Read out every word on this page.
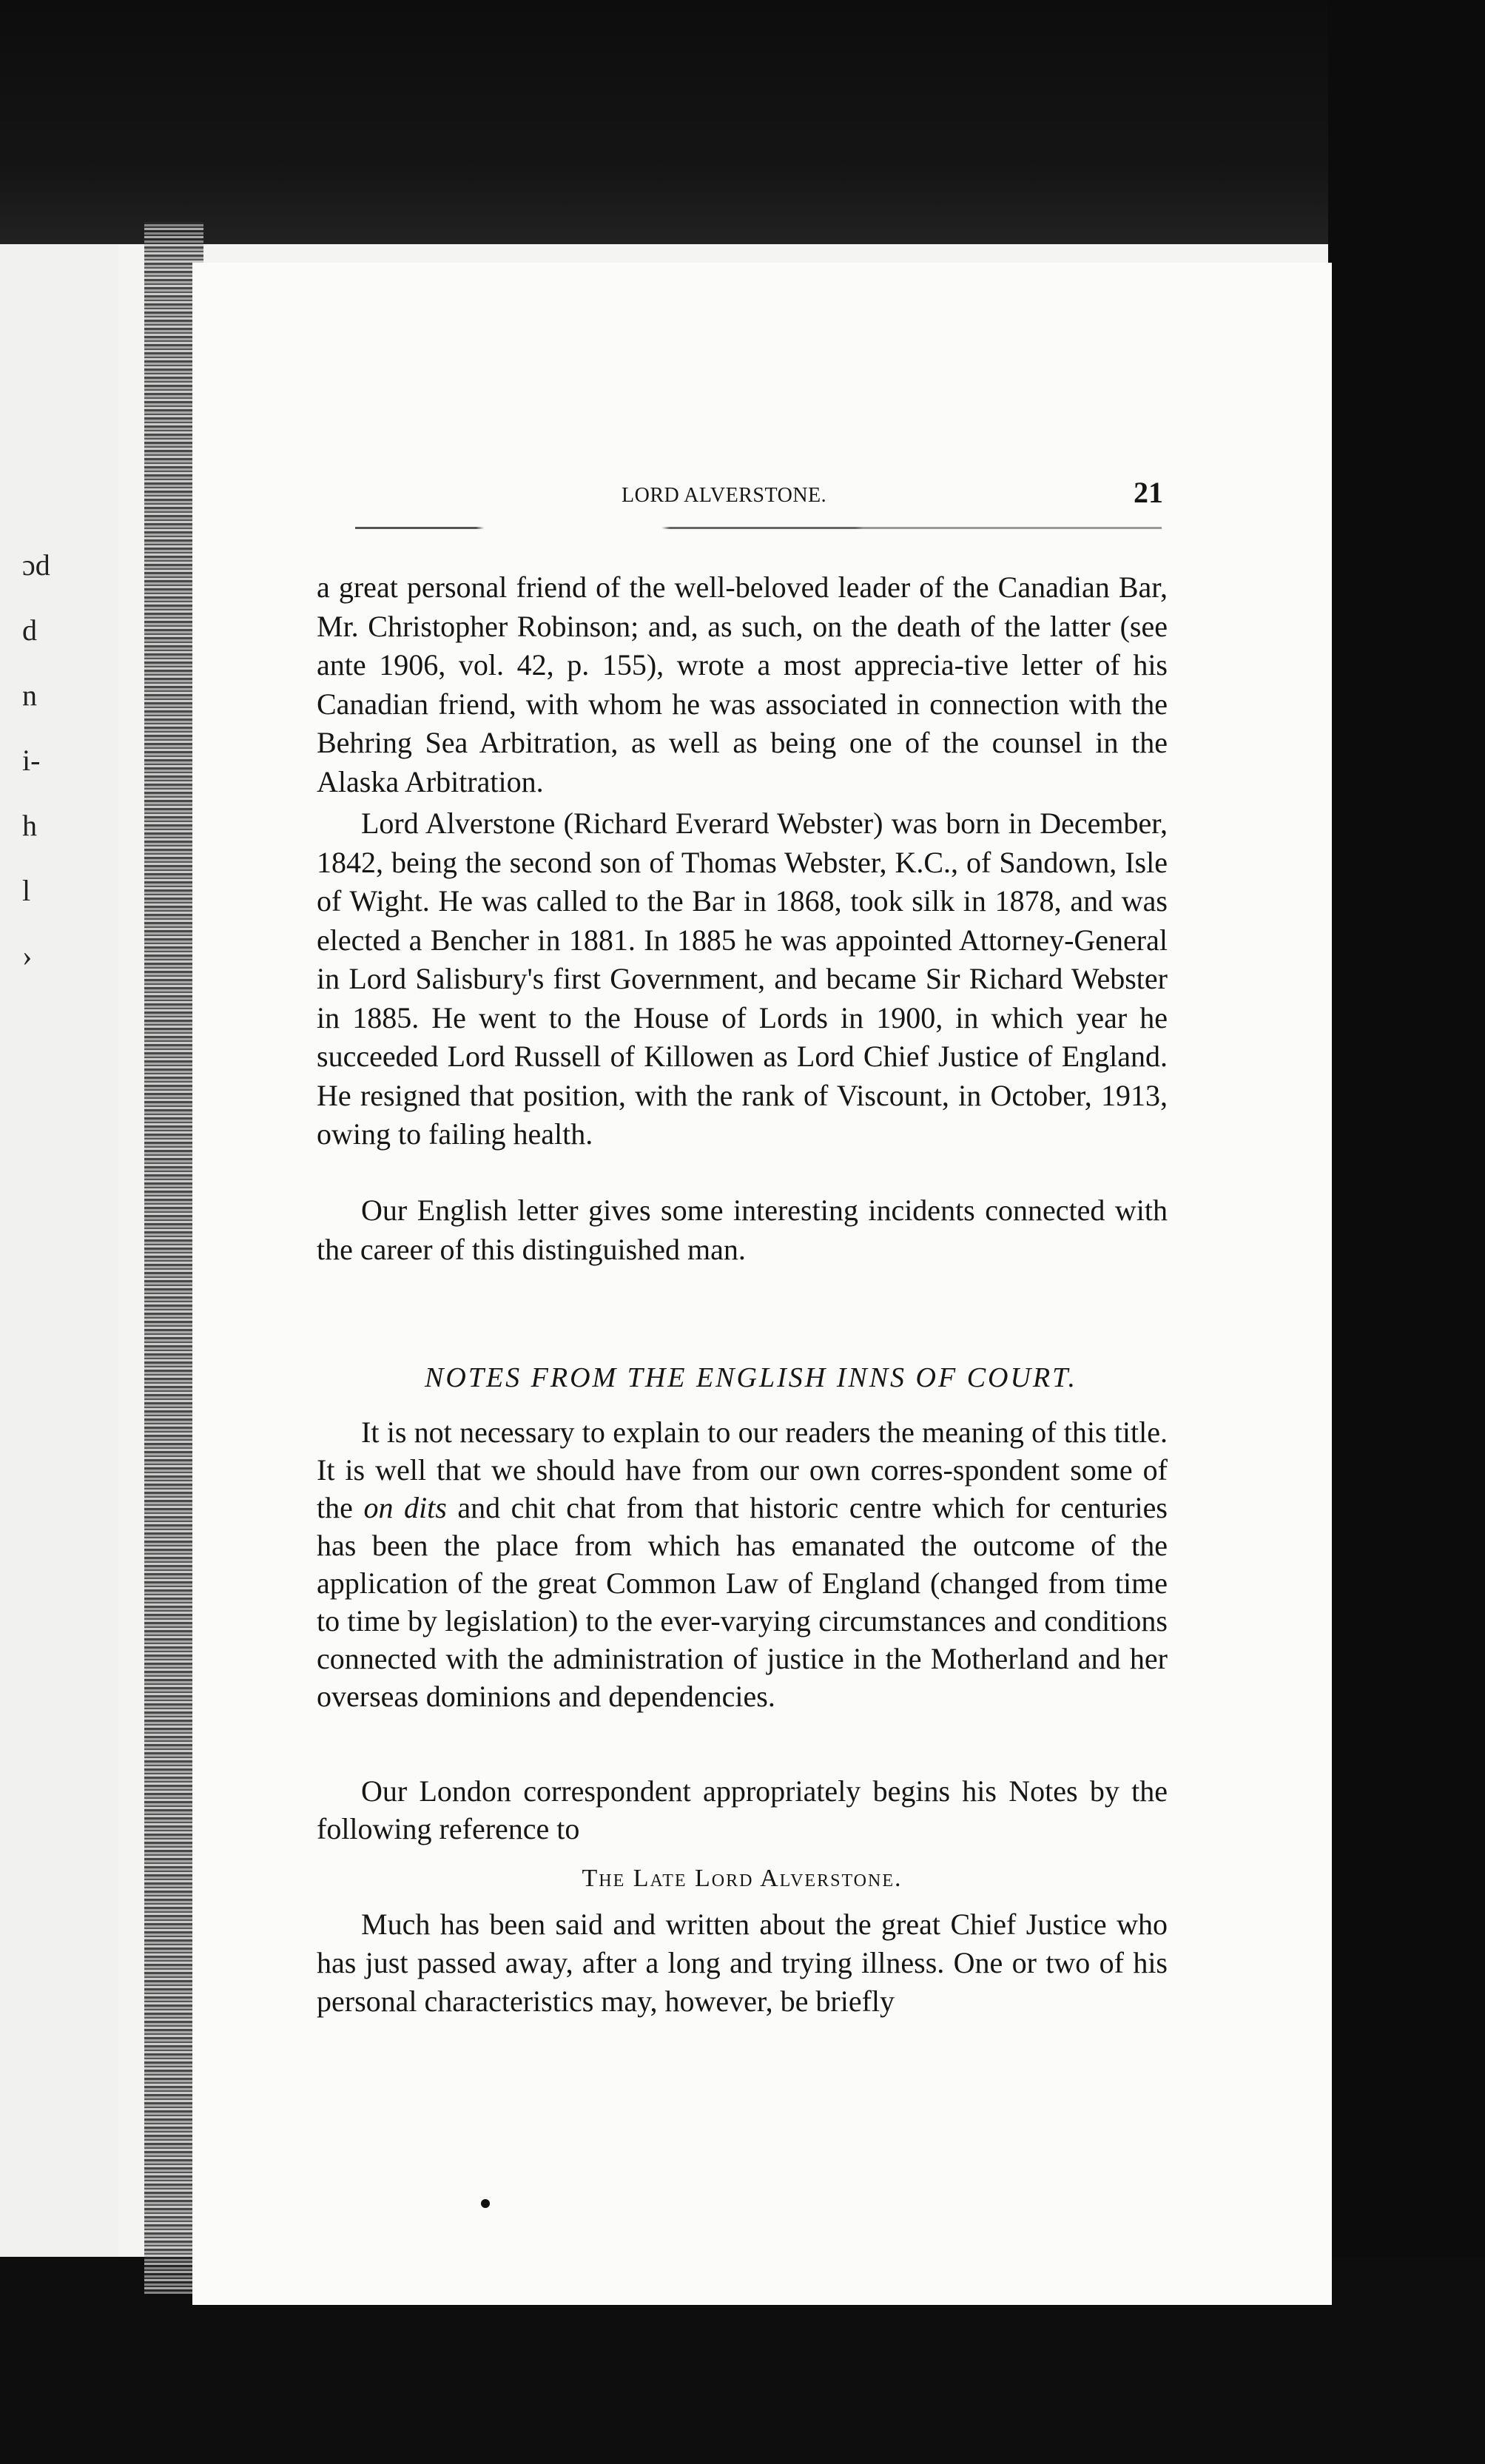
ɔd
d
n
i-
h
l
›
LORD ALVERSTONE.	21

a great personal friend of the well-beloved leader of the Canadian Bar, Mr. Christopher Robinson; and, as such, on the death of the latter (see ante 1906, vol. 42, p. 155), wrote a most apprecia-tive letter of his Canadian friend, with whom he was associated in connection with the Behring Sea Arbitration, as well as being one of the counsel in the Alaska Arbitration.

Lord Alverstone (Richard Everard Webster) was born in December, 1842, being the second son of Thomas Webster, K.C., of Sandown, Isle of Wight. He was called to the Bar in 1868, took silk in 1878, and was elected a Bencher in 1881. In 1885 he was appointed Attorney-General in Lord Salisbury's first Government, and became Sir Richard Webster in 1885. He went to the House of Lords in 1900, in which year he succeeded Lord Russell of Killowen as Lord Chief Justice of England. He resigned that position, with the rank of Viscount, in October, 1913, owing to failing health.

Our English letter gives some interesting incidents connected with the career of this distinguished man.

NOTES FROM THE ENGLISH INNS OF COURT.

It is not necessary to explain to our readers the meaning of this title. It is well that we should have from our own corres-spondent some of the on dits and chit chat from that historic centre which for centuries has been the place from which has emanated the outcome of the application of the great Common Law of England (changed from time to time by legislation) to the ever-varying circumstances and conditions connected with the administration of justice in the Motherland and her overseas dominions and dependencies.

Our London correspondent appropriately begins his Notes by the following reference to

The Late Lord Alverstone.

Much has been said and written about the great Chief Justice who has just passed away, after a long and trying illness. One or two of his personal characteristics may, however, be briefly
